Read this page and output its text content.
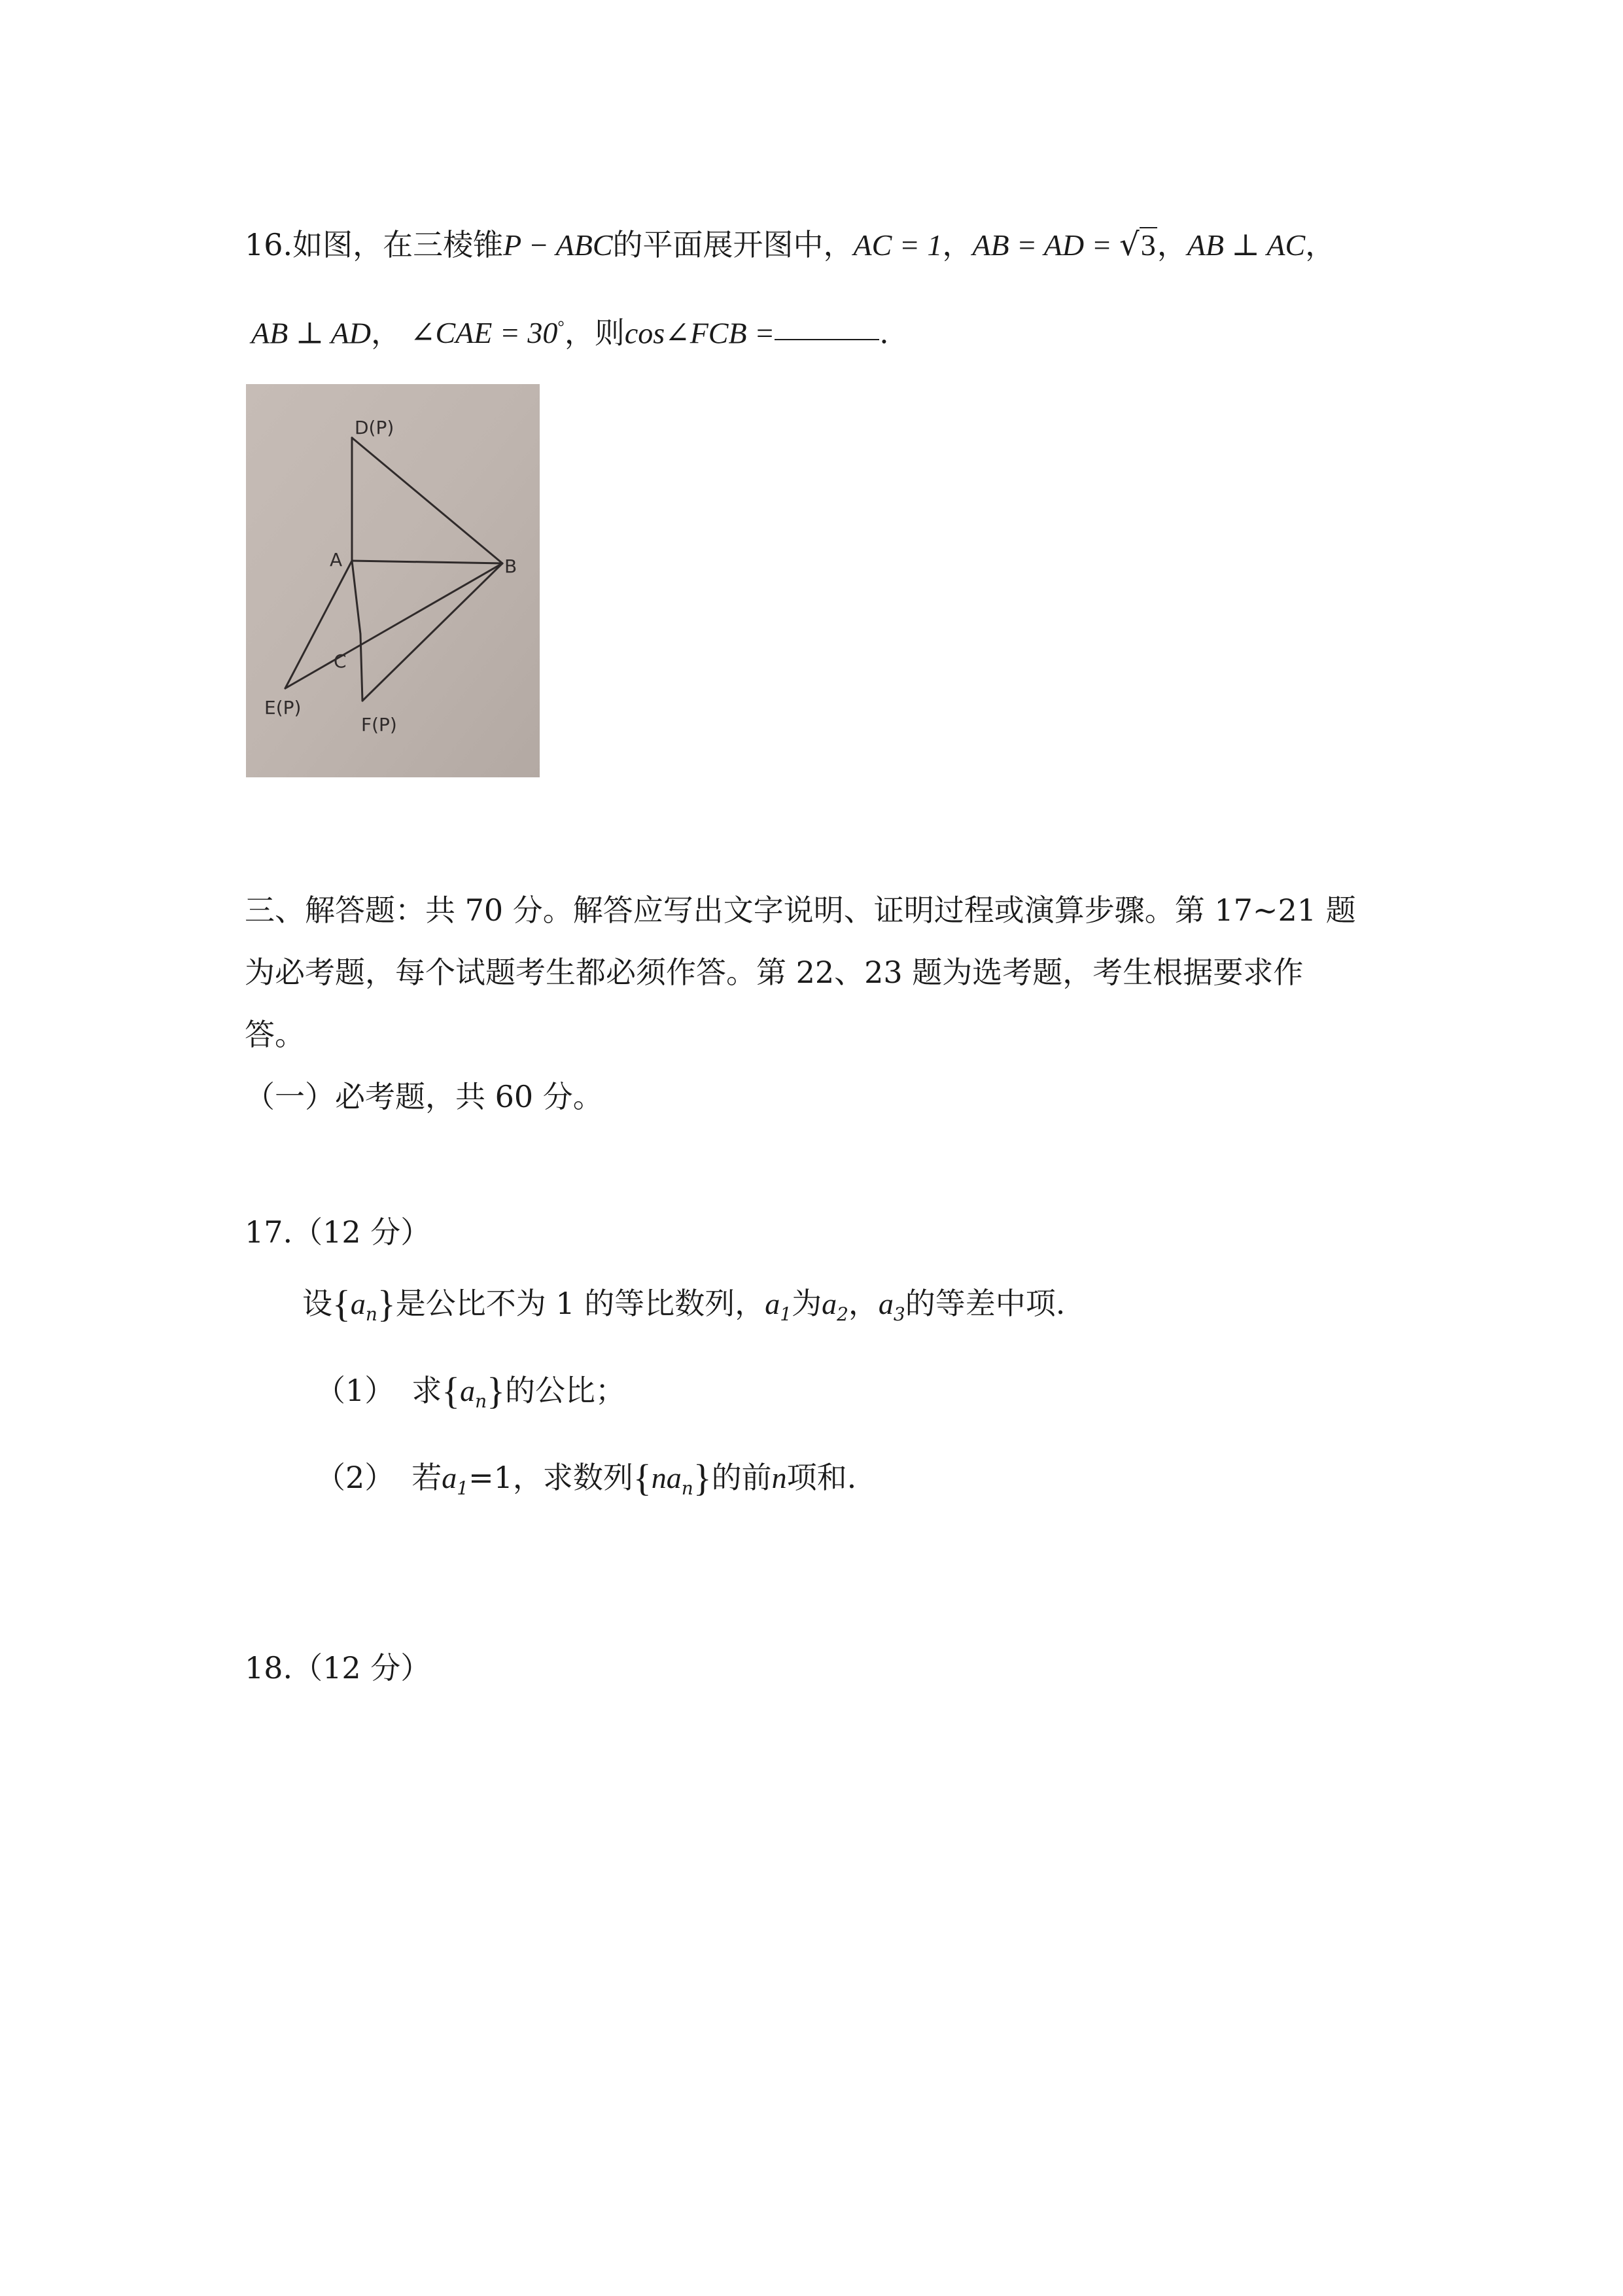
16.如图，在三棱锥P − ABC的平面展开图中，AC = 1，AB = AD = √3，AB ⊥ AC，
AB ⊥ AD， ∠CAE = 30°，则cos∠FCB =	.
D(P)
A	B
C
E(P)
F(P)
三、解答题：共 70 分。解答应写出文字说明、证明过程或演算步骤。第 17~21 题
为必考题，每个试题考生都必须作答。第 22、23 题为选考题，考生根据要求作
答。
（一）必考题，共 60 分。
17.（12 分）
设$\{a_n\}$是公比不为 1 的等比数列，$a_1$为$a_2$，$a_3$的等差中项.
（1） 求$\{a_n\}$的公比；
（2） 若$a_1=1$，求数列$\{na_n\}$的前n项和.
18.（12 分）
